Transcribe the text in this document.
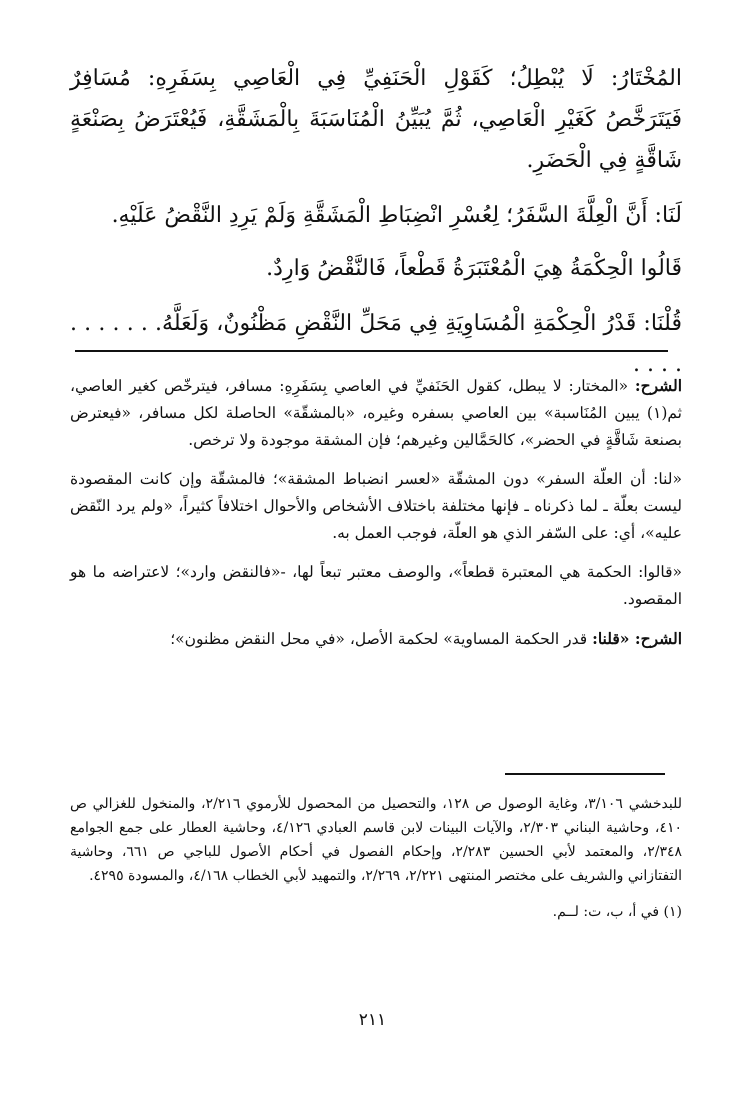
المُخْتَارُ: لَا يُبْطِلُ؛ كَقَوْلِ الْحَنَفِيِّ فِي الْعَاصِي بِسَفَرِهِ: مُسَافِرٌ فَيَتَرَخَّصُ كَغَيْرِ الْعَاصِي، ثُمَّ يُبَيِّنُ الْمُنَاسَبَةَ بِالْمَشَقَّةِ، فَيُعْتَرَضُ بِصَنْعَةٍ شَاقَّةٍ فِي الْحَضَرِ.

لَنَا: أَنَّ الْعِلَّةَ السَّفَرُ؛ لِعُسْرِ انْضِبَاطِ الْمَشَقَّةِ وَلَمْ يَرِدِ النَّقْضُ عَلَيْهِ.

قَالُوا الْحِكْمَةُ هِيَ الْمُعْتَبَرَةُ قَطْعاً، فَالنَّقْضُ وَارِدٌ.

قُلْنَا: قَدْرُ الْحِكْمَةِ الْمُسَاوِيَةِ فِي مَحَلِّ النَّقْضِ مَظْنُونٌ، وَلَعَلَّهُ. . . . . . . . . . .

الشرح: «المختار: لا يبطل، كقول الحَنَفيِّ في العاصي بِسَفَرِهِ: مسافر، فيترخّص كغير العاصي، ثم(١) يبين المُنَاسبة» بين العاصي بسفره وغيره، «بالمشقّة» الحاصلة لكل مسافر، «فيعترض بصنعة شَاقَّةٍ في الحضر»، كالحَمَّالين وغيرهم؛ فإن المشقة موجودة ولا ترخص.

«لنا: أن العلّة السفر» دون المشقّة «لعسر انضباط المشقة»؛ فالمشقّة وإن كانت المقصودة ليست بعلّة ـ لما ذكرناه ـ فإنها مختلفة باختلاف الأشخاص والأحوال اختلافاً كثيراً، «ولم يرد النّقض عليه»، أي: على السّفر الذي هو العلّة، فوجب العمل به.

«قالوا: الحكمة هي المعتبرة قطعاً»، والوصف معتبر تبعاً لها، -«فالنقض وارد»؛ لاعتراضه ما هو المقصود.

الشرح: «قلنا: قدر الحكمة المساوية» لحكمة الأصل، «في محل النقض مظنون»؛

للبدخشي ٣/١٠٦، وغاية الوصول ص ١٢٨، والتحصيل من المحصول للأرموي ٢/٢١٦، والمنخول للغزالي ص ٤١٠، وحاشية البناني ٢/٣٠٣، والآيات البينات لابن قاسم العبادي ٤/١٢٦، وحاشية العطار على جمع الجوامع ٢/٣٤٨، والمعتمد لأبي الحسين ٢/٢٨٣، وإحكام الفصول في أحكام الأصول للباجي ص ٦٦١، وحاشية التفتازاني والشريف على مختصر المنتهى ٢/٢٢١، ٢/٢٦٩، والتمهيد لأبي الخطاب ٤/١٦٨، والمسودة ٤٢٩٥.

(١) في أ، ب، ت: لــم.

٢١١
